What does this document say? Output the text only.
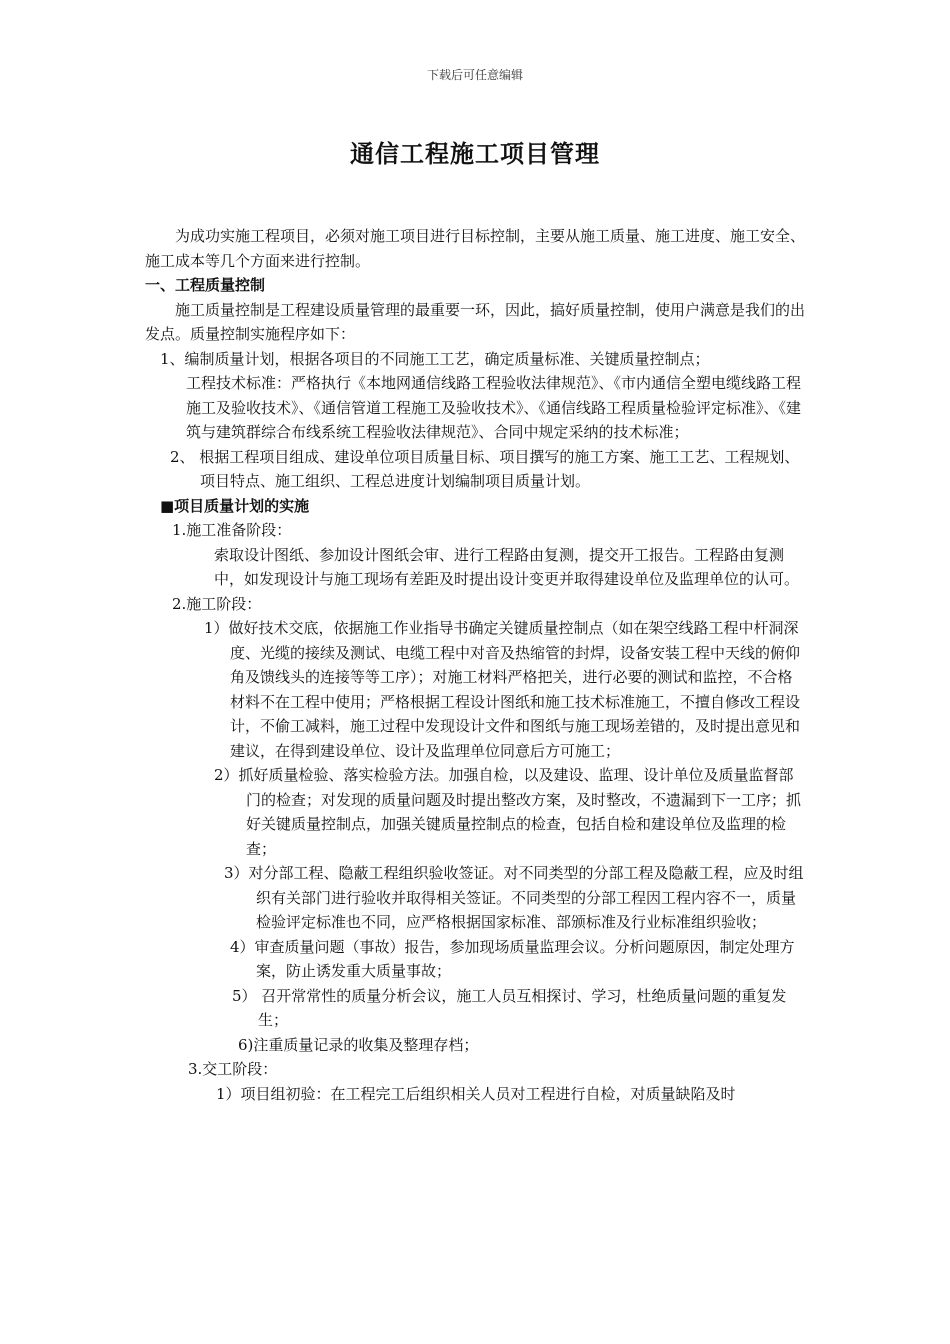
下载后可任意编辑
通信工程施工项目管理

为成功实施工程项目，必须对施工项目进行目标控制，主要从施工质量、施工进度、施工安全、施工成本等几个方面来进行控制。

一、工程质量控制

施工质量控制是工程建设质量管理的最重要一环，因此，搞好质量控制，使用户满意是我们的出发点。质量控制实施程序如下：

1、编制质量计划，根据各项目的不同施工工艺，确定质量标准、关键质量控制点；

工程技术标准：严格执行《本地网通信线路工程验收法律规范》、《市内通信全塑电缆线路工程施工及验收技术》、《通信管道工程施工及验收技术》、《通信线路工程质量检验评定标准》、《建筑与建筑群综合布线系统工程验收法律规范》、合同中规定采纳的技术标准；

2、 根据工程项目组成、建设单位项目质量目标、项目撰写的施工方案、施工工艺、工程规划、项目特点、施工组织、工程总进度计划编制项目质量计划。

■项目质量计划的实施

1.施工准备阶段：

索取设计图纸、参加设计图纸会审、进行工程路由复测，提交开工报告。工程路由复测中，如发现设计与施工现场有差距及时提出设计变更并取得建设单位及监理单位的认可。

2.施工阶段：

1）做好技术交底，依据施工作业指导书确定关键质量控制点（如在架空线路工程中杆洞深度、光缆的接续及测试、电缆工程中对音及热缩管的封焊，设备安装工程中天线的俯仰角及馈线头的连接等等工序）；对施工材料严格把关，进行必要的测试和监控，不合格材料不在工程中使用；严格根据工程设计图纸和施工技术标准施工，不擅自修改工程设计，不偷工减料，施工过程中发现设计文件和图纸与施工现场差错的，及时提出意见和建议，在得到建设单位、设计及监理单位同意后方可施工；

2）抓好质量检验、落实检验方法。加强自检，以及建设、监理、设计单位及质量监督部门的检查；对发现的质量问题及时提出整改方案，及时整改，不遗漏到下一工序；抓好关键质量控制点，加强关键质量控制点的检查，包括自检和建设单位及监理的检查；

3）对分部工程、隐蔽工程组织验收签证。对不同类型的分部工程及隐蔽工程，应及时组织有关部门进行验收并取得相关签证。不同类型的分部工程因工程内容不一，质量检验评定标准也不同，应严格根据国家标准、部颁标准及行业标准组织验收；

4）审查质量问题（事故）报告，参加现场质量监理会议。分析问题原因，制定处理方案，防止诱发重大质量事故；

5） 召开常常性的质量分析会议，施工人员互相探讨、学习，杜绝质量问题的重复发生；

6)注重质量记录的收集及整理存档；

3.交工阶段：

1）项目组初验：在工程完工后组织相关人员对工程进行自检，对质量缺陷及时
